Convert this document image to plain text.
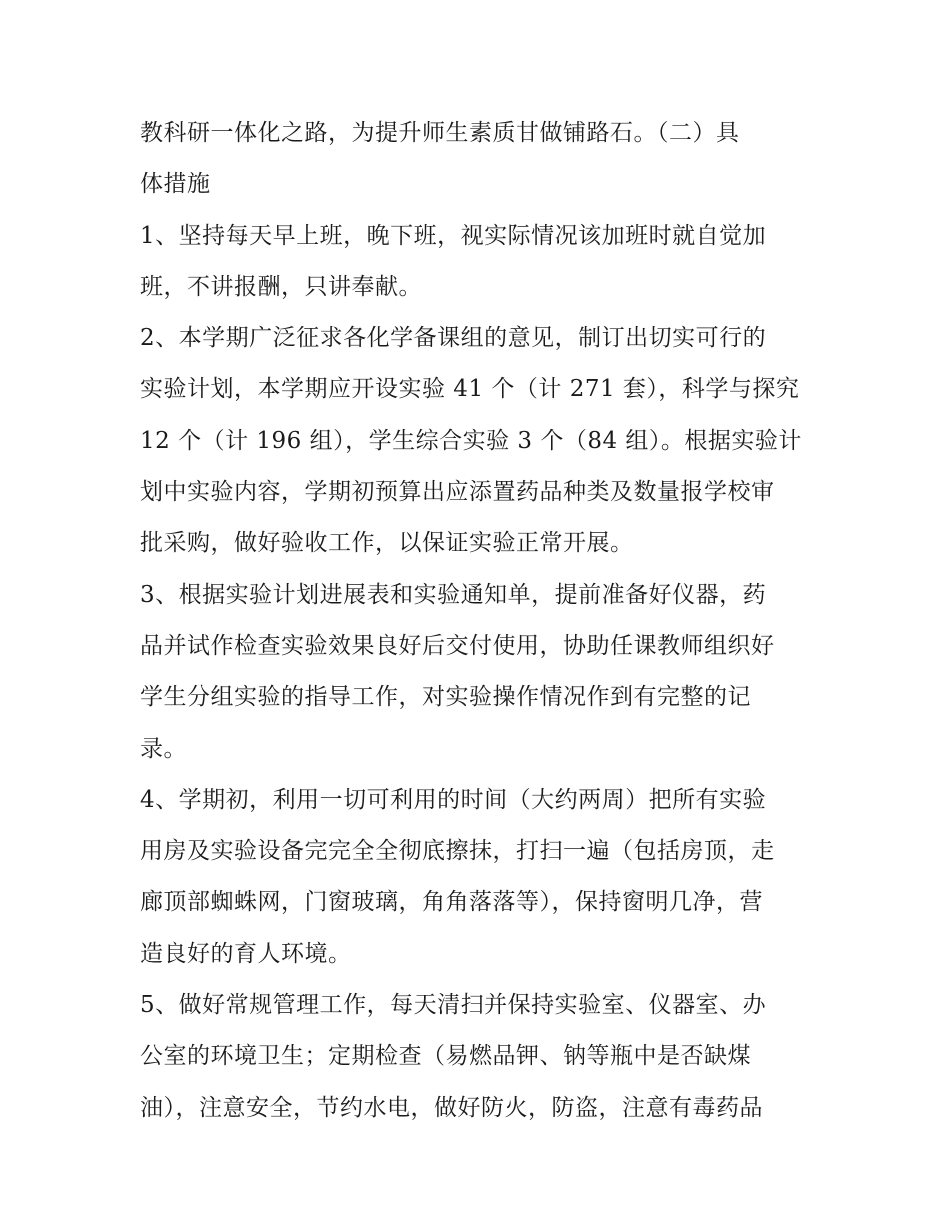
教科研一体化之路，为提升师生素质甘做铺路石。（二）具
体措施
1、坚持每天早上班，晚下班，视实际情况该加班时就自觉加
班，不讲报酬，只讲奉献。
2、本学期广泛征求各化学备课组的意见，制订出切实可行的
实验计划，本学期应开设实验 41 个（计 271 套），科学与探究
12 个（计 196 组），学生综合实验 3 个（84 组）。根据实验计
划中实验内容，学期初预算出应添置药品种类及数量报学校审
批采购，做好验收工作，以保证实验正常开展。
3、根据实验计划进展表和实验通知单，提前准备好仪器，药
品并试作检查实验效果良好后交付使用，协助任课教师组织好
学生分组实验的指导工作，对实验操作情况作到有完整的记
录。
4、学期初，利用一切可利用的时间（大约两周）把所有实验
用房及实验设备完完全全彻底擦抹，打扫一遍（包括房顶，走
廊顶部蜘蛛网，门窗玻璃，角角落落等），保持窗明几净，营
造良好的育人环境。
5、做好常规管理工作，每天清扫并保持实验室、仪器室、办
公室的环境卫生；定期检查（易燃品钾、钠等瓶中是否缺煤
油），注意安全，节约水电，做好防火，防盗，注意有毒药品
